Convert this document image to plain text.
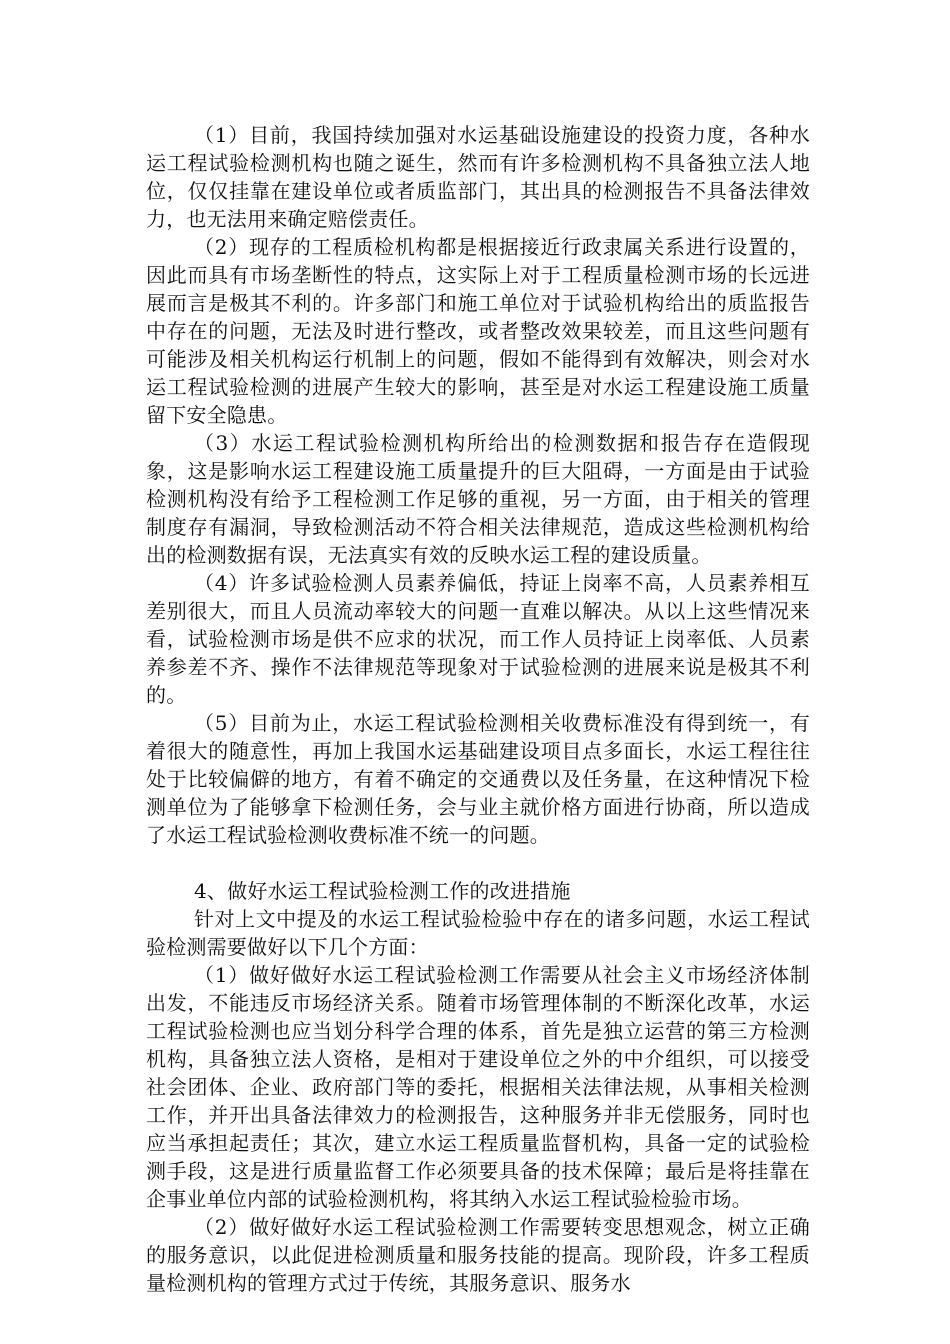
（1）目前，我国持续加强对水运基础设施建设的投资力度，各种水运工程试验检测机构也随之诞生，然而有许多检测机构不具备独立法人地位，仅仅挂靠在建设单位或者质监部门，其出具的检测报告不具备法律效力，也无法用来确定赔偿责任。

（2）现存的工程质检机构都是根据接近行政隶属关系进行设置的，因此而具有市场垄断性的特点，这实际上对于工程质量检测市场的长远进展而言是极其不利的。许多部门和施工单位对于试验机构给出的质监报告中存在的问题，无法及时进行整改，或者整改效果较差，而且这些问题有可能涉及相关机构运行机制上的问题，假如不能得到有效解决，则会对水运工程试验检测的进展产生较大的影响，甚至是对水运工程建设施工质量留下安全隐患。

（3）水运工程试验检测机构所给出的检测数据和报告存在造假现象，这是影响水运工程建设施工质量提升的巨大阻碍，一方面是由于试验检测机构没有给予工程检测工作足够的重视，另一方面，由于相关的管理制度存有漏洞，导致检测活动不符合相关法律规范，造成这些检测机构给出的检测数据有误，无法真实有效的反映水运工程的建设质量。

（4）许多试验检测人员素养偏低，持证上岗率不高，人员素养相互差别很大，而且人员流动率较大的问题一直难以解决。从以上这些情况来看，试验检测市场是供不应求的状况，而工作人员持证上岗率低、人员素养参差不齐、操作不法律规范等现象对于试验检测的进展来说是极其不利的。

（5）目前为止，水运工程试验检测相关收费标准没有得到统一，有着很大的随意性，再加上我国水运基础建设项目点多面长，水运工程往往处于比较偏僻的地方，有着不确定的交通费以及任务量，在这种情况下检测单位为了能够拿下检测任务，会与业主就价格方面进行协商，所以造成了水运工程试验检测收费标准不统一的问题。

4、做好水运工程试验检测工作的改进措施

针对上文中提及的水运工程试验检验中存在的诸多问题，水运工程试验检测需要做好以下几个方面：

（1）做好做好水运工程试验检测工作需要从社会主义市场经济体制出发，不能违反市场经济关系。随着市场管理体制的不断深化改革，水运工程试验检测也应当划分科学合理的体系，首先是独立运营的第三方检测机构，具备独立法人资格，是相对于建设单位之外的中介组织，可以接受社会团体、企业、政府部门等的委托，根据相关法律法规，从事相关检测工作，并开出具备法律效力的检测报告，这种服务并非无偿服务，同时也应当承担起责任；其次，建立水运工程质量监督机构，具备一定的试验检测手段，这是进行质量监督工作必须要具备的技术保障；最后是将挂靠在企事业单位内部的试验检测机构，将其纳入水运工程试验检验市场。

（2）做好做好水运工程试验检测工作需要转变思想观念，树立正确的服务意识，以此促进检测质量和服务技能的提高。现阶段，许多工程质量检测机构的管理方式过于传统，其服务意识、服务水
